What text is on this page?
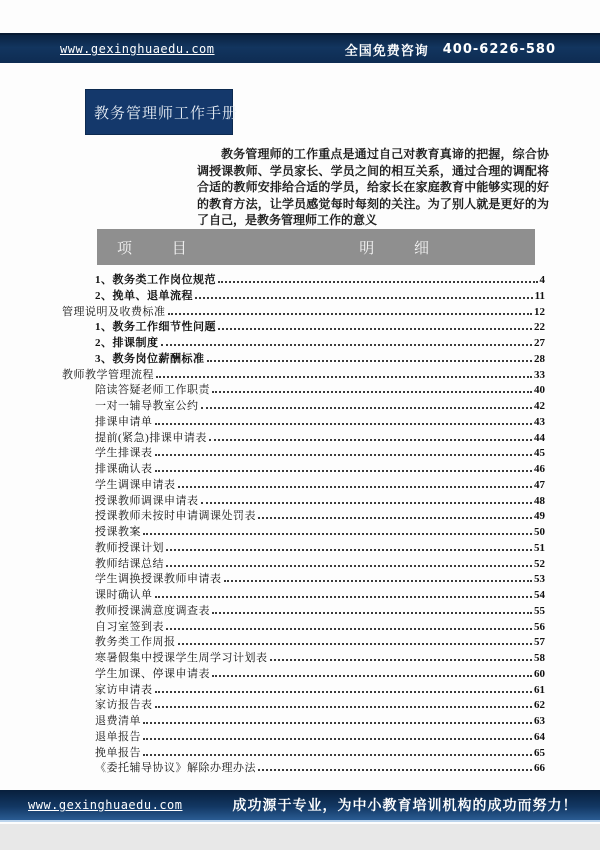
www.gexinghuaedu.com	全国免费咨询 400-6226-580
教务管理师工作手册
教务管理师的工作重点是通过自己对教育真谛的把握，综合协调授课教师、学员家长、学员之间的相互关系，通过合理的调配将合适的教师安排给合适的学员，给家长在家庭教育中能够实现的好的教育方法，让学员感觉每时每刻的关注。为了别人就是更好的为了自己，是教务管理师工作的意义
项 目	明 细
1、教务类工作岗位规范	4
2、挽单、退单流程	11
管理说明及收费标准	12
1、教务工作细节性问题	22
2、排课制度	27
3、教务岗位薪酬标准	28
教师教学管理流程	33
陪读答疑老师工作职责	40
一对一辅导教室公约	42
排课申请单	43
提前(紧急)排课申请表	44
学生排课表	45
排课确认表	46
学生调课申请表	47
授课教师调课申请表	48
授课教师未按时申请调课处罚表	49
授课教案	50
教师授课计划	51
教师结课总结	52
学生调换授课教师申请表	53
课时确认单	54
教师授课满意度调查表	55
自习室签到表	56
教务类工作周报	57
寒暑假集中授课学生周学习计划表	58
学生加课、停课申请表	60
家访申请表	61
家访报告表	62
退费清单	63
退单报告	64
挽单报告	65
《委托辅导协议》解除办理办法	66
www.gexinghuaedu.com	成功源于专业，为中小教育培训机构的成功而努力！
